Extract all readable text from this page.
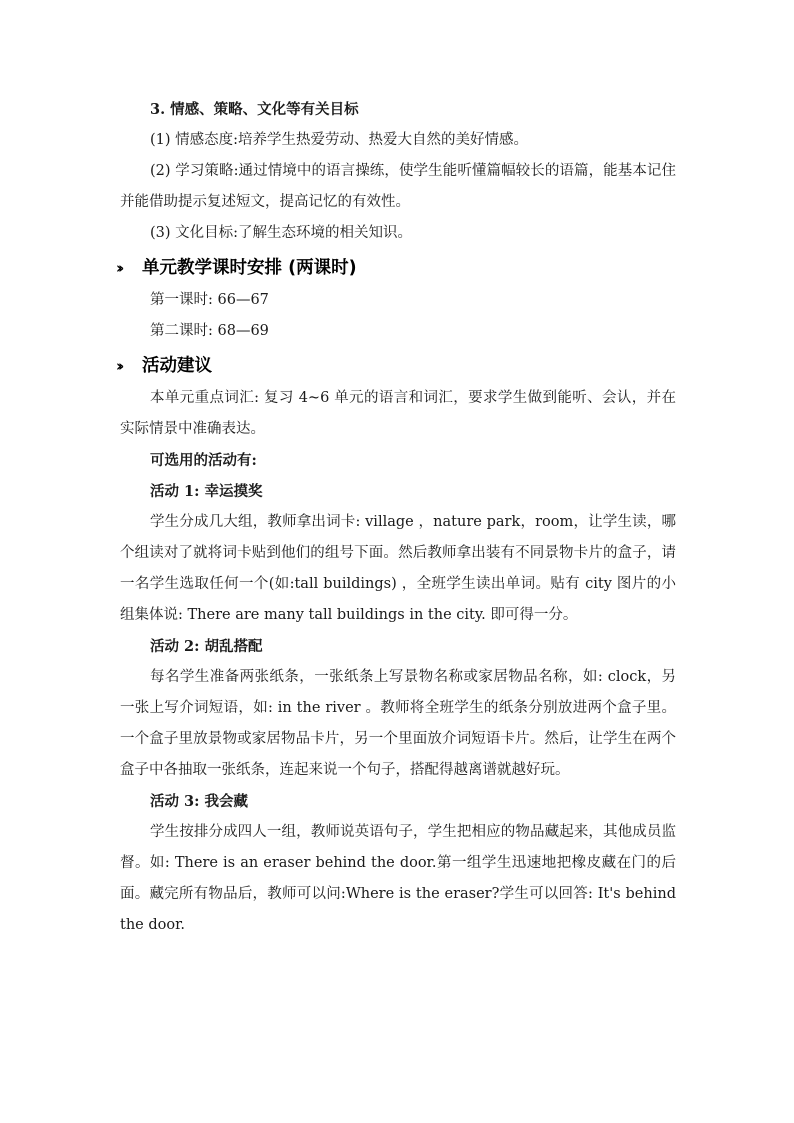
3. 情感、策略、文化等有关目标

(1) 情感态度:培养学生热爱劳动、热爱大自然的美好情感。

(2) 学习策略:通过情境中的语言操练，使学生能听懂篇幅较长的语篇，能基本记住并能借助提示复述短文，提高记忆的有效性。

(3) 文化目标:了解生态环境的相关知识。

››	单元教学课时安排 (两课时)

第一课时: 66—67

第二课时: 68—69

››	活动建议

本单元重点词汇: 复习 4~6 单元的语言和词汇，要求学生做到能听、会认，并在实际情景中准确表达。

可选用的活动有:

活动 1: 幸运摸奖

学生分成几大组，教师拿出词卡: village ，nature park，room，让学生读，哪个组读对了就将词卡贴到他们的组号下面。然后教师拿出装有不同景物卡片的盒子，请一名学生选取任何一个(如:tall buildings) ，全班学生读出单词。贴有 city 图片的小组集体说: There are many tall buildings in the city. 即可得一分。

活动 2: 胡乱搭配

每名学生准备两张纸条，一张纸条上写景物名称或家居物品名称，如: clock，另一张上写介词短语，如: in the river 。教师将全班学生的纸条分别放进两个盒子里。一个盒子里放景物或家居物品卡片，另一个里面放介词短语卡片。然后，让学生在两个盒子中各抽取一张纸条，连起来说一个句子，搭配得越离谱就越好玩。

活动 3: 我会藏

学生按排分成四人一组，教师说英语句子，学生把相应的物品藏起来，其他成员监督。如: There is an eraser behind the door.第一组学生迅速地把橡皮藏在门的后面。藏完所有物品后，教师可以问:Where is the eraser?学生可以回答: It's behind the door.
